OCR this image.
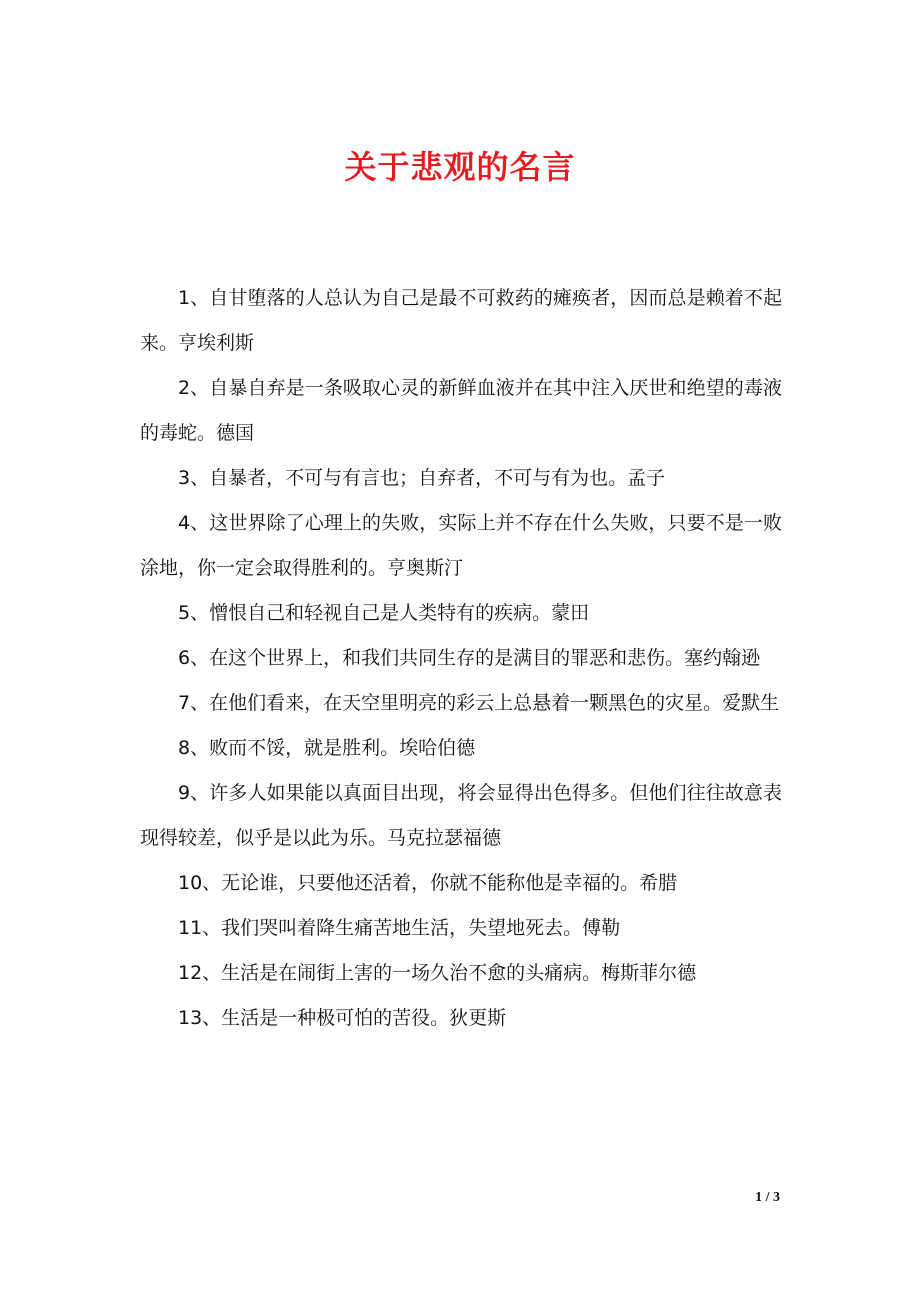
关于悲观的名言

1、自甘堕落的人总认为自己是最不可救药的瘫痪者，因而总是赖着不起来。亨埃利斯

2、自暴自弃是一条吸取心灵的新鲜血液并在其中注入厌世和绝望的毒液的毒蛇。德国

3、自暴者，不可与有言也；自弃者，不可与有为也。孟子

4、这世界除了心理上的失败，实际上并不存在什么失败，只要不是一败涂地，你一定会取得胜利的。亨奥斯汀

5、憎恨自己和轻视自己是人类特有的疾病。蒙田

6、在这个世界上，和我们共同生存的是满目的罪恶和悲伤。塞约翰逊

7、在他们看来，在天空里明亮的彩云上总悬着一颗黑色的灾星。爱默生

8、败而不馁，就是胜利。埃哈伯德

9、许多人如果能以真面目出现，将会显得出色得多。但他们往往故意表现得较差，似乎是以此为乐。马克拉瑟福德

10、无论谁，只要他还活着，你就不能称他是幸福的。希腊

11、我们哭叫着降生痛苦地生活，失望地死去。傅勒

12、生活是在闹街上害的一场久治不愈的头痛病。梅斯菲尔德

13、生活是一种极可怕的苦役。狄更斯

1 / 3
